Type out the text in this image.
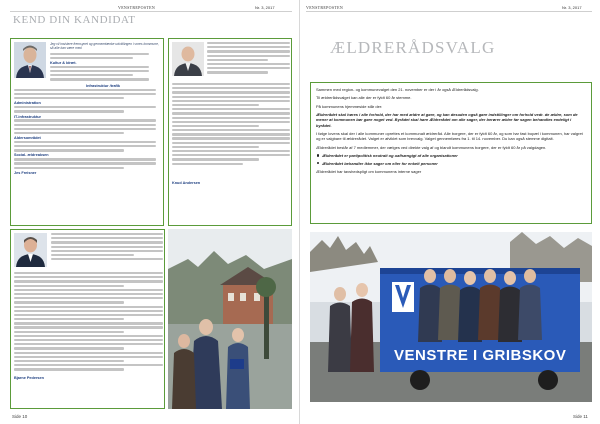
VENSTREPOSTEN	Nr. 3, 2017
KEND DIN KANDIDAT
Jeg vil insistere fremsynet og gennemtænke udviklingen i vores kommune, så alle kan være med.
Kultur & Idræt.
Infrastruktur /trafik
Administration
IT-infrastruktur
Aldersområdet
Social- ældreaksen
Jes Freisner
Knud Andersen
Bjarne Pedersen
Side 10
VENSTREPOSTEN	Nr. 3, 2017
ÆLDRERÅDSVALG
Sammen med region- og kommunevalget den 21. november er der i år også Ældrerådsvalg.
Til ældrerådsvalget kan alle der er fyldt 60 år stemme.
På kommunens hjemmeside står der:
Ældrerådet skal høres i alle forhold, der har med ældre at gøre, og kan desuden også gøre indstillinger om forhold vedr. de ældre, som de mener at kommunen bør gøre noget ved. Byrådet skal høre Ældrerådet om alle sager, der berører ældre før sagen behandles endeligt i byrådet.
I følge lovens skal der i alle kommuner oprettes et kommunalt ældreråd. Alle borgere, der er fyldt 60 år, og som har fast bopæl i kommunen, har valgret og er valgbare til ældrerådet. Valget er afviklet som brevvalg. Valget gennemføres fra 1. til 14. november. Du kan også stemme digitalt.
Ældrerådet består af 7 medlemmer, der vælges ved direkte valg af og blandt kommunens borgere, der er fyldt 60 år på valgdagen.
Ældrerådet er partipolitisk neutralt og uafhængigt af alle organisationer
Ældrerådet behandler ikke sager om eller for enkelt personer
Ældrerådet har tavshedspligt om kommunens interne sager
VENSTRE I GRIBSKOV
Side 11
